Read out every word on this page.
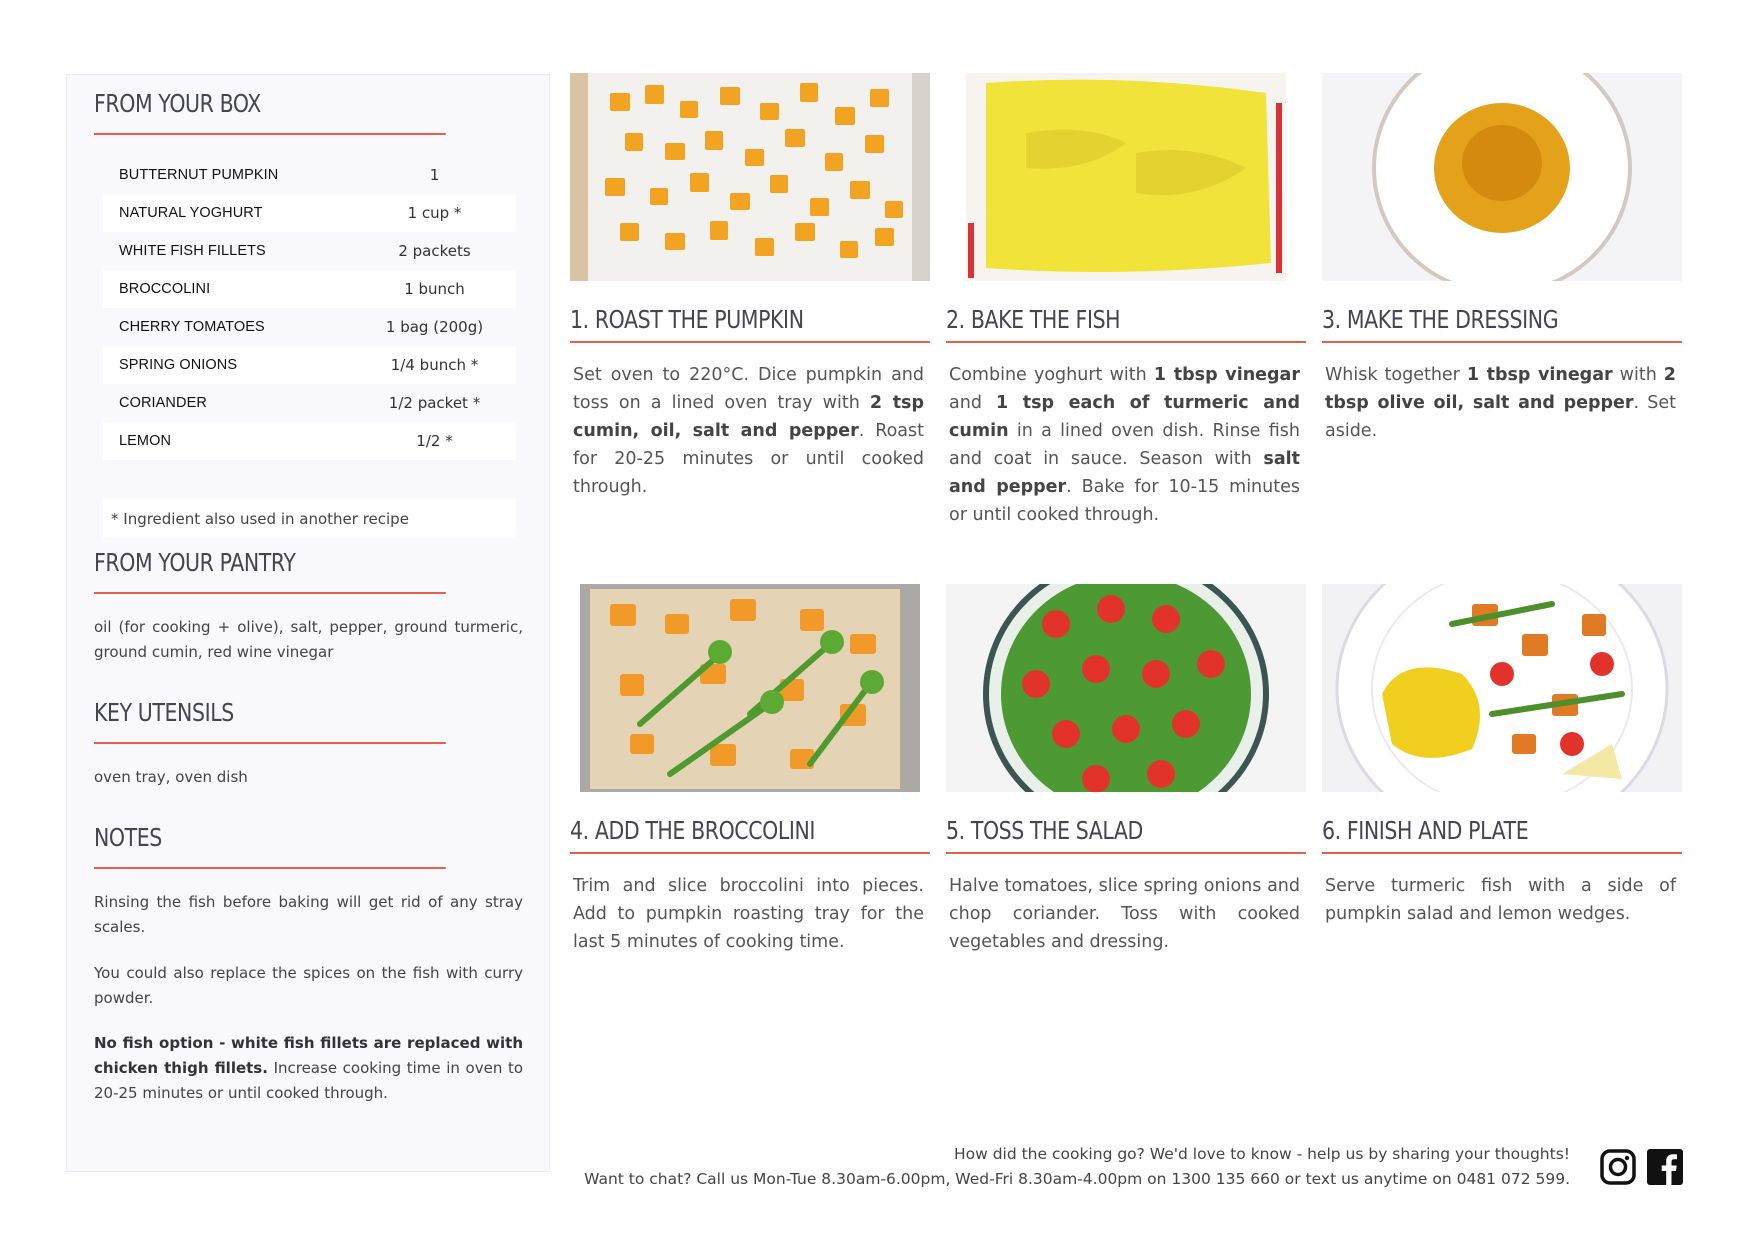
FROM YOUR BOX
BUTTERNUT PUMPKIN	1
NATURAL YOGHURT	1 cup *
WHITE FISH FILLETS	2 packets
BROCCOLINI	1 bunch
CHERRY TOMATOES	1 bag (200g)
SPRING ONIONS	1/4 bunch *
CORIANDER	1/2 packet *
LEMON	1/2 *
* Ingredient also used in another recipe
FROM YOUR PANTRY
oil (for cooking + olive), salt, pepper, ground turmeric, ground cumin, red wine vinegar
KEY UTENSILS
oven tray, oven dish
NOTES
Rinsing the fish before baking will get rid of any stray scales.
You could also replace the spices on the fish with curry powder.
No fish option - white fish fillets are replaced with chicken thigh fillets. Increase cooking time in oven to 20-25 minutes or until cooked through.
1. ROAST THE PUMPKIN
Set oven to 220°C. Dice pumpkin and toss on a lined oven tray with 2 tsp cumin, oil, salt and pepper. Roast for 20-25 minutes or until cooked through.
2. BAKE THE FISH
Combine yoghurt with 1 tbsp vinegar and 1 tsp each of turmeric and cumin in a lined oven dish. Rinse fish and coat in sauce. Season with salt and pepper. Bake for 10-15 minutes or until cooked through.
3. MAKE THE DRESSING
Whisk together 1 tbsp vinegar with 2 tbsp olive oil, salt and pepper. Set aside.
4. ADD THE BROCCOLINI
Trim and slice broccolini into pieces. Add to pumpkin roasting tray for the last 5 minutes of cooking time.
5. TOSS THE SALAD
Halve tomatoes, slice spring onions and chop coriander. Toss with cooked vegetables and dressing.
6. FINISH AND PLATE
Serve turmeric fish with a side of pumpkin salad and lemon wedges.
How did the cooking go? We'd love to know - help us by sharing your thoughts!
Want to chat? Call us Mon-Tue 8.30am-6.00pm, Wed-Fri 8.30am-4.00pm on 1300 135 660 or text us anytime on 0481 072 599.
